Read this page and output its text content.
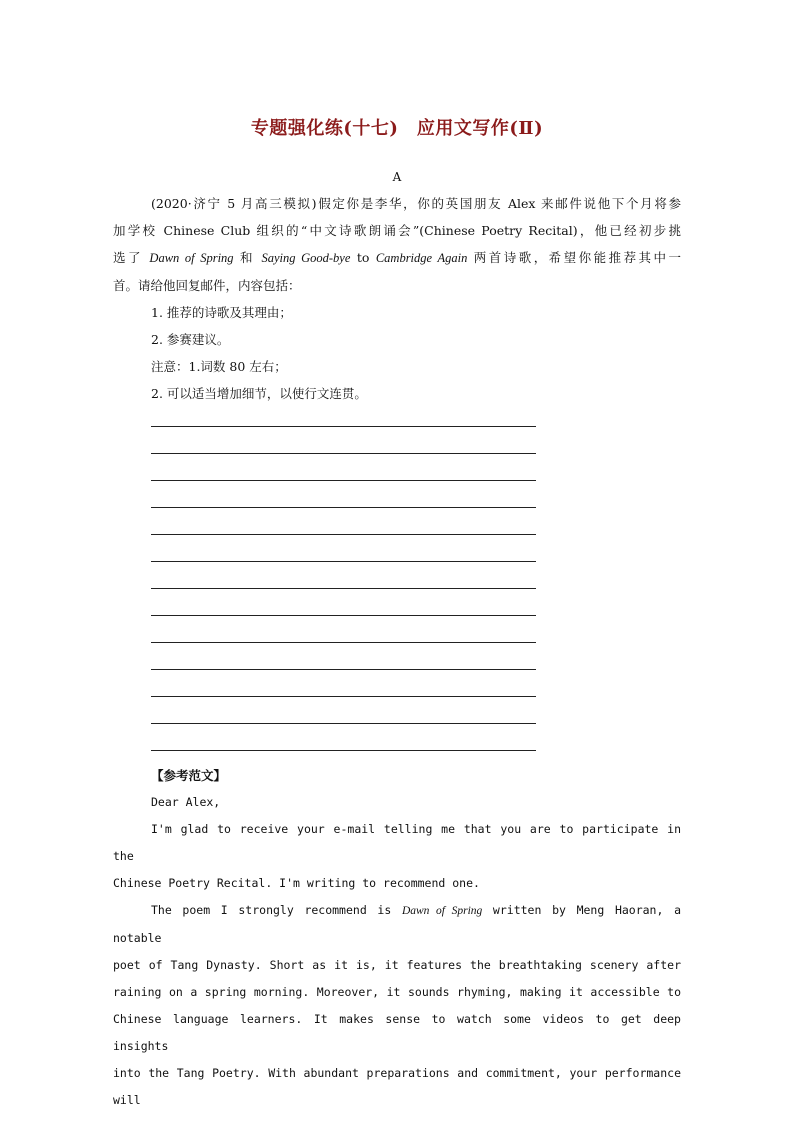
专题强化练(十七)　应用文写作(Ⅱ)
A
(2020·济宁 5 月高三模拟)假定你是李华，你的英国朋友 Alex 来邮件说他下个月将参
加学校 Chinese Club 组织的“中文诗歌朗诵会”(Chinese Poetry Recital)，他已经初步挑
选了 Dawn of Spring 和 Saying Good-bye to Cambridge Again 两首诗歌，希望你能推荐其中一
首。请给他回复邮件，内容包括：
1. 推荐的诗歌及其理由；
2. 参赛建议。
注意：1.词数 80 左右；
2. 可以适当增加细节，以使行文连贯。
【参考范文】
Dear Alex,
I'm glad to receive your e-mail telling me that you are to participate in the
Chinese Poetry Recital. I'm writing to recommend one.
The poem I strongly recommend is Dawn of Spring written by Meng Haoran, a notable
poet of Tang Dynasty. Short as it is, it features the breathtaking scenery after
raining on a spring morning. Moreover, it sounds rhyming, making it accessible to
Chinese language learners. It makes sense to watch some videos to get deep insights
into the Tang Poetry. With abundant preparations and commitment, your performance will
